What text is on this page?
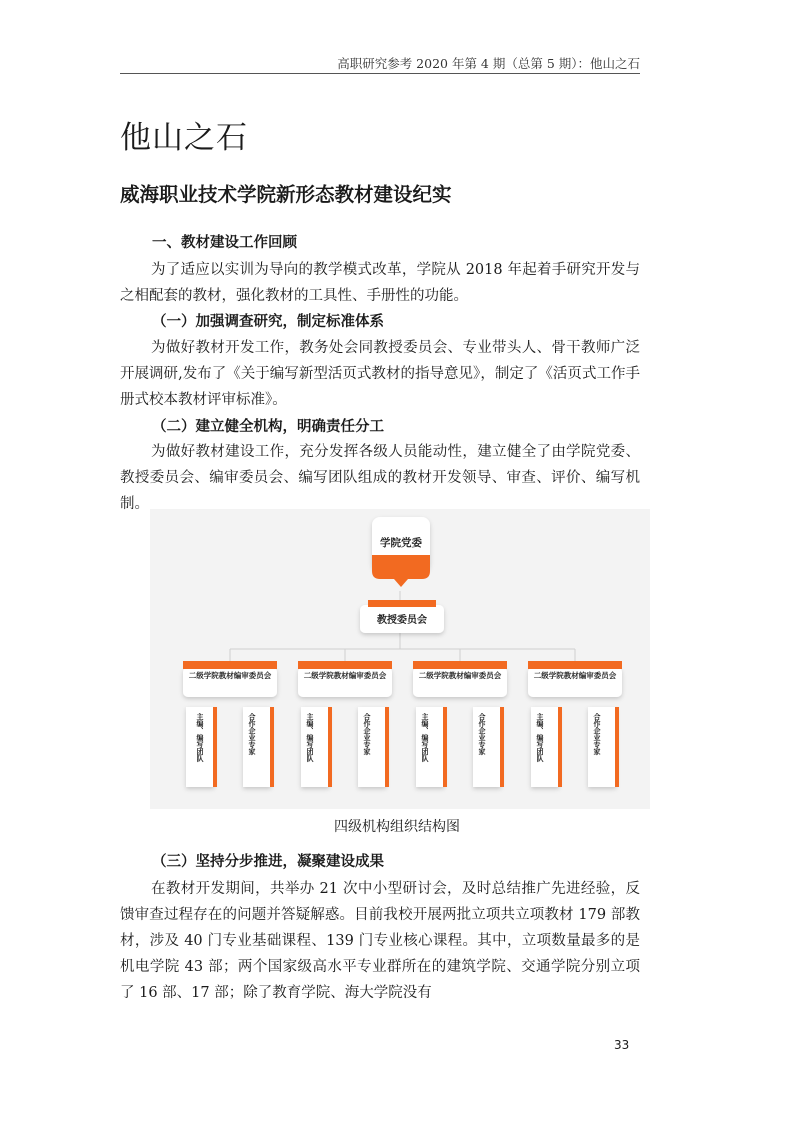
高职研究参考 2020 年第 4 期（总第 5 期）：他山之石
他山之石
威海职业技术学院新形态教材建设纪实

一、教材建设工作回顾

为了适应以实训为导向的教学模式改革，学院从 2018 年起着手研究开发与之相配套的教材，强化教材的工具性、手册性的功能。

（一）加强调查研究，制定标准体系

为做好教材开发工作，教务处会同教授委员会、专业带头人、骨干教师广泛开展调研,发布了《关于编写新型活页式教材的指导意见》，制定了《活页式工作手册式校本教材评审标准》。

（二）建立健全机构，明确责任分工

为做好教材建设工作，充分发挥各级人员能动性，建立健全了由学院党委、教授委员会、编审委员会、编写团队组成的教材开发领导、审查、评价、编写机制。

学院党委
教授委员会
二级学院教材编审委员会
主编、编写团队	合作企业专家
二级学院教材编审委员会
主编、编写团队	合作企业专家
二级学院教材编审委员会
主编、编写团队	合作企业专家
二级学院教材编审委员会
主编、编写团队	合作企业专家
四级机构组织结构图

（三）坚持分步推进，凝聚建设成果

在教材开发期间，共举办 21 次中小型研讨会，及时总结推广先进经验，反馈审查过程存在的问题并答疑解惑。目前我校开展两批立项共立项教材 179 部教材，涉及 40 门专业基础课程、139 门专业核心课程。其中，立项数量最多的是机电学院 43 部；两个国家级高水平专业群所在的建筑学院、交通学院分别立项了 16 部、17 部；除了教育学院、海大学院没有

33
